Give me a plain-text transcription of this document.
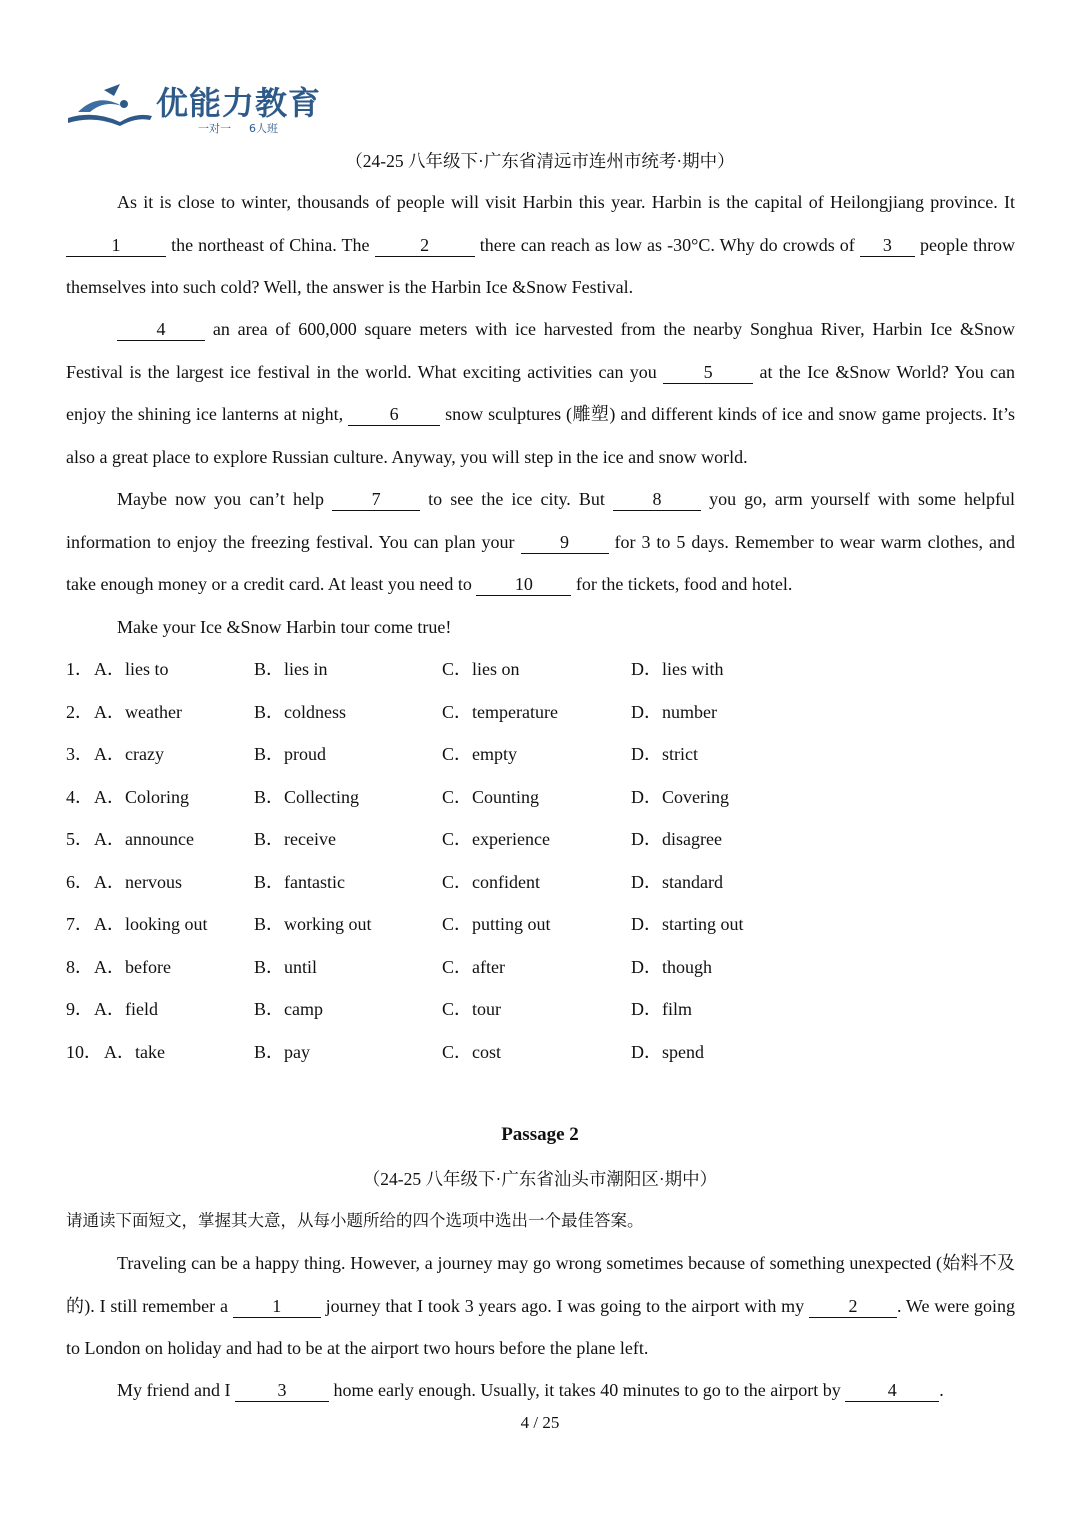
优能力教育
一对一 6人班
（24-25 八年级下·广东省清远市连州市统考·期中）
As it is close to winter, thousands of people will visit Harbin this year. Harbin is the capital of Heilongjiang province. It 1	the northeast of China. The	2	there can reach as low as -30°C. Why do crowds of 3 people throw themselves into such cold? Well, the answer is the Harbin Ice &Snow Festival.
4	an area of 600,000 square meters with ice harvested from the nearby Songhua River, Harbin Ice &Snow Festival is the largest ice festival in the world. What exciting activities can you	5	at the Ice &Snow World? You can enjoy the shining ice lanterns at night,	6	snow sculptures (雕塑) and different kinds of ice and snow game projects. It’s also a great place to explore Russian culture. Anyway, you will step in the ice and snow world.
Maybe now you can’t help	7	to see the ice city. But	8	you go, arm yourself with some helpful information to enjoy the freezing festival. You can plan your	9	for 3 to 5 days. Remember to wear warm clothes, and take enough money or a credit card. At least you need to 10 for the tickets, food and hotel.
Make your Ice &Snow Harbin tour come true!
1． A．lies to	B．lies in	C．lies on	D．lies with
2． A．weather	B．coldness	C．temperature	D．number
3． A．crazy	B．proud	C．empty	D．strict
4． A．Coloring	B．Collecting	C．Counting	D．Covering
5． A．announce	B．receive	C．experience	D．disagree
6． A．nervous	B．fantastic	C．confident	D．standard
7． A．looking out	B．working out	C．putting out	D．starting out
8． A．before	B．until	C．after	D．though
9． A．field	B．camp	C．tour	D．film
10． A．take	B．pay	C．cost	D．spend
Passage 2
（24-25 八年级下·广东省汕头市潮阳区·期中）
请通读下面短文，掌握其大意，从每小题所给的四个选项中选出一个最佳答案。
Traveling can be a happy thing. However, a journey may go wrong sometimes because of something unexpected (始料不及的). I still remember a 1 journey that I took 3 years ago. I was going to the airport with my 2 . We were going to London on holiday and had to be at the airport two hours before the plane left.
My friend and I	3	home early enough. Usually, it takes 40 minutes to go to the airport by	4 .
4 / 25
